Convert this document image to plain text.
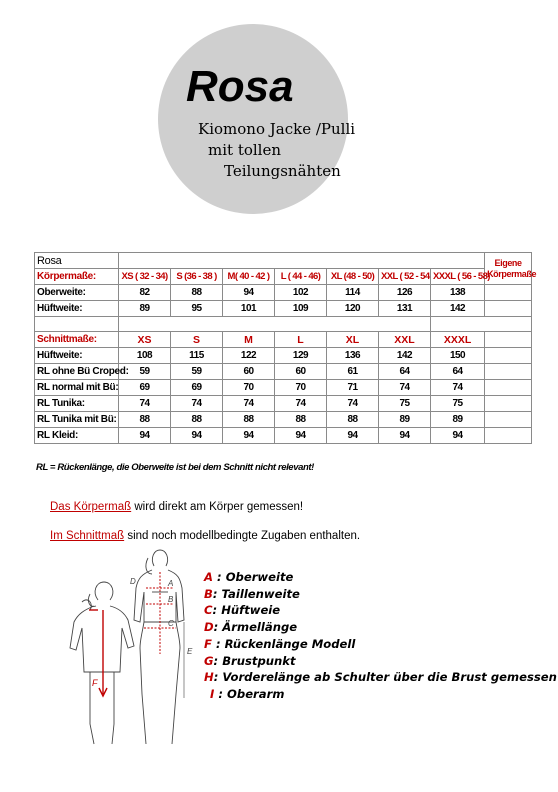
Rosa
Kiomono Jacke /Pulli
mit tollen
Teilungsnähten
Rosa								Eigene
Körpermaße
Körpermaße:	XS ( 32 - 34)	S (36 - 38 )	M( 40 - 42 )	L ( 44 - 46)	XL (48 - 50)	XXL ( 52 - 54	XXXL ( 56 - 58)	
Oberweite:	82	88	94	102	114	126	138	
Hüftweite:	89	95	101	109	120	131	142	

Schnittmaße:	XS	S	M	L	XL	XXL	XXXL	
Hüftweite:	108	115	122	129	136	142	150	
RL ohne Bü Croped:	59	59	60	60	61	64	64	
RL normal mit Bü:	69	69	70	70	71	74	74	
RL Tunika:	74	74	74	74	74	75	75	
RL Tunika mit Bü:	88	88	88	88	88	89	89	
RL Kleid:	94	94	94	94	94	94	94	
RL = Rückenlänge, die Oberweite ist bei dem Schnitt nicht relevant!
Das Körpermaß wird direkt am Körper gemessen!
Im Schnittmaß sind noch modellbedingte Zugaben enthalten.
F
D	A
B
C
E
A : Oberweite
B: Taillenweite
C: Hüftweie
D: Ärmellänge
F : Rückenlänge Modell
G: Brustpunkt
H: Vorderelänge ab Schulter über die Brust gemessen
I : Oberarm
